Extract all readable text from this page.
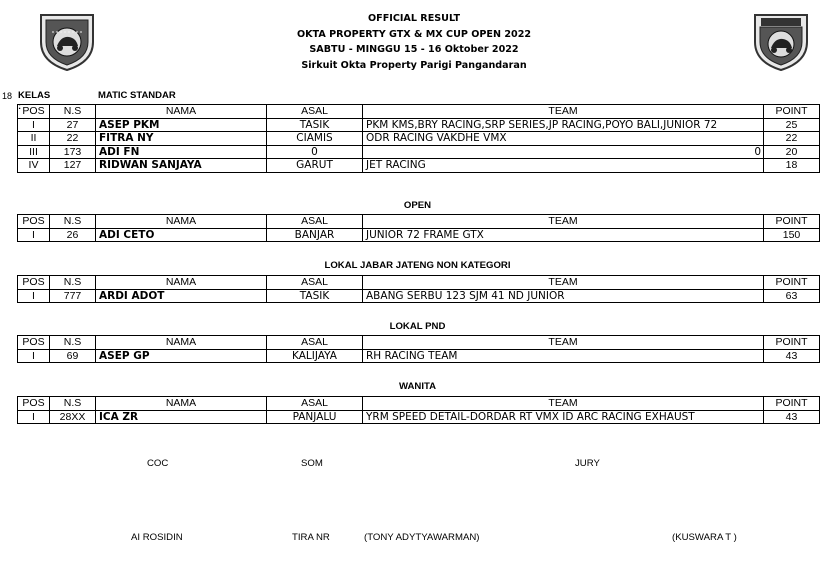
OFFICIAL RESULT
OKTA PROPERTY GTX & MX CUP OPEN 2022
SABTU - MINGGU 15 - 16 Oktober 2022
Sirkuit Okta Property Parigi Pangandaran
18 KELAS :
MATIC STANDAR
POS	N.S	NAMA	ASAL	TEAM	POINT
I	27	ASEP PKM	TASIK	PKM KMS,BRY RACING,SRP SERIES,JP RACING,POYO BALI,JUNIOR 72	25
II	22	FITRA NY	CIAMIS	ODR RACING VAKDHE VMX	22
III	173	ADI FN	0	0	20
IV	127	RIDWAN SANJAYA	GARUT	JET RACING	18
OPEN
POS	N.S	NAMA	ASAL	TEAM	POINT
I	26	ADI CETO	BANJAR	JUNIOR 72 FRAME GTX	150
LOKAL JABAR JATENG NON KATEGORI
POS	N.S	NAMA	ASAL	TEAM	POINT
I	777	ARDI ADOT	TASIK	ABANG SERBU 123 SJM 41 ND JUNIOR	63
LOKAL PND
POS	N.S	NAMA	ASAL	TEAM	POINT
I	69	ASEP GP	KALIJAYA	RH RACING TEAM	43
WANITA
POS	N.S	NAMA	ASAL	TEAM	POINT
I	28XX	ICA ZR	PANJALU	YRM SPEED DETAIL-DORDAR RT VMX ID ARC RACING EXHAUST	43
COC	SOM	JURY
AI ROSIDIN	TIRA NR	(TONY ADYTYAWARMAN)	(KUSWARA T )
